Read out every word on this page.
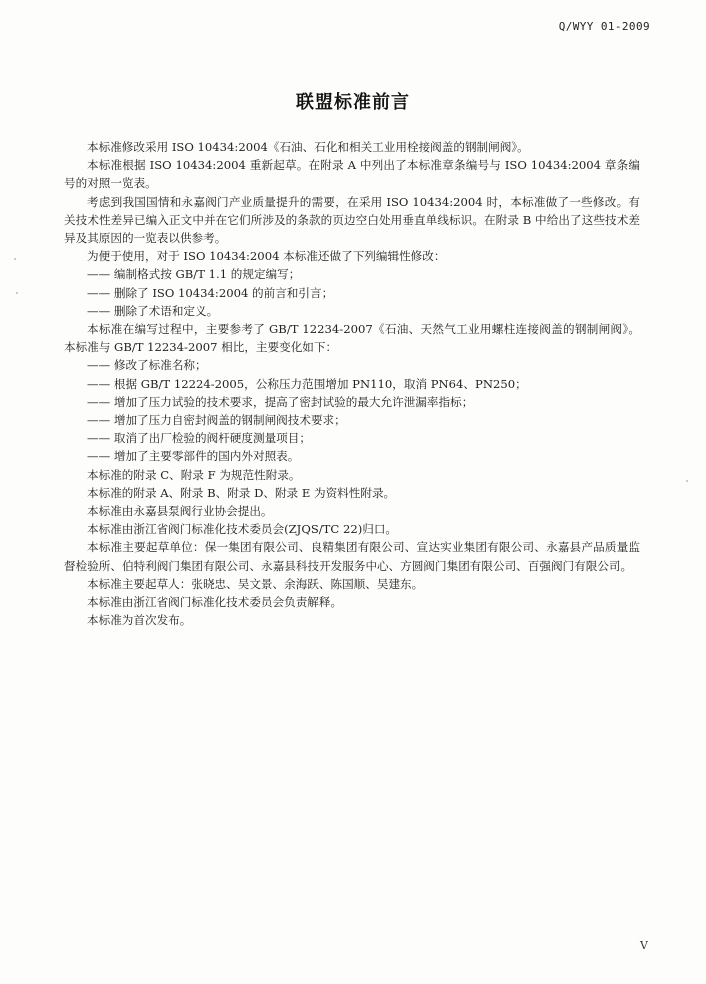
Q/WYY 01-2009
联盟标准前言

本标准修改采用 ISO 10434:2004《石油、石化和相关工业用栓接阀盖的钢制闸阀》。

本标准根据 ISO 10434:2004 重新起草。在附录 A 中列出了本标准章条编号与 ISO 10434:2004 章条编号的对照一览表。

考虑到我国国情和永嘉阀门产业质量提升的需要，在采用 ISO 10434:2004 时，本标准做了一些修改。有关技术性差异已编入正文中并在它们所涉及的条款的页边空白处用垂直单线标识。在附录 B 中给出了这些技术差异及其原因的一览表以供参考。

为便于使用，对于 ISO 10434:2004 本标准还做了下列编辑性修改：

—— 编制格式按 GB/T 1.1 的规定编写；

—— 删除了 ISO 10434:2004 的前言和引言；

—— 删除了术语和定义。

本标准在编写过程中，主要参考了 GB/T 12234-2007《石油、天然气工业用螺柱连接阀盖的钢制闸阀》。本标准与 GB/T 12234-2007 相比，主要变化如下：

—— 修改了标准名称；

—— 根据 GB/T 12224-2005，公称压力范围增加 PN110，取消 PN64、PN250；

—— 增加了压力试验的技术要求，提高了密封试验的最大允许泄漏率指标；

—— 增加了压力自密封阀盖的钢制闸阀技术要求；

—— 取消了出厂检验的阀杆硬度测量项目；

—— 增加了主要零部件的国内外对照表。

本标准的附录 C、附录 F 为规范性附录。

本标准的附录 A、附录 B、附录 D、附录 E 为资料性附录。

本标准由永嘉县泵阀行业协会提出。

本标准由浙江省阀门标准化技术委员会(ZJQS/TC 22)归口。

本标准主要起草单位：保一集团有限公司、良精集团有限公司、宣达实业集团有限公司、永嘉县产品质量监督检验所、伯特利阀门集团有限公司、永嘉县科技开发服务中心、方圆阀门集团有限公司、百强阀门有限公司。

本标准主要起草人：张晓忠、吴文景、余海跃、陈国顺、吴建东。

本标准由浙江省阀门标准化技术委员会负责解释。

本标准为首次发布。

V
